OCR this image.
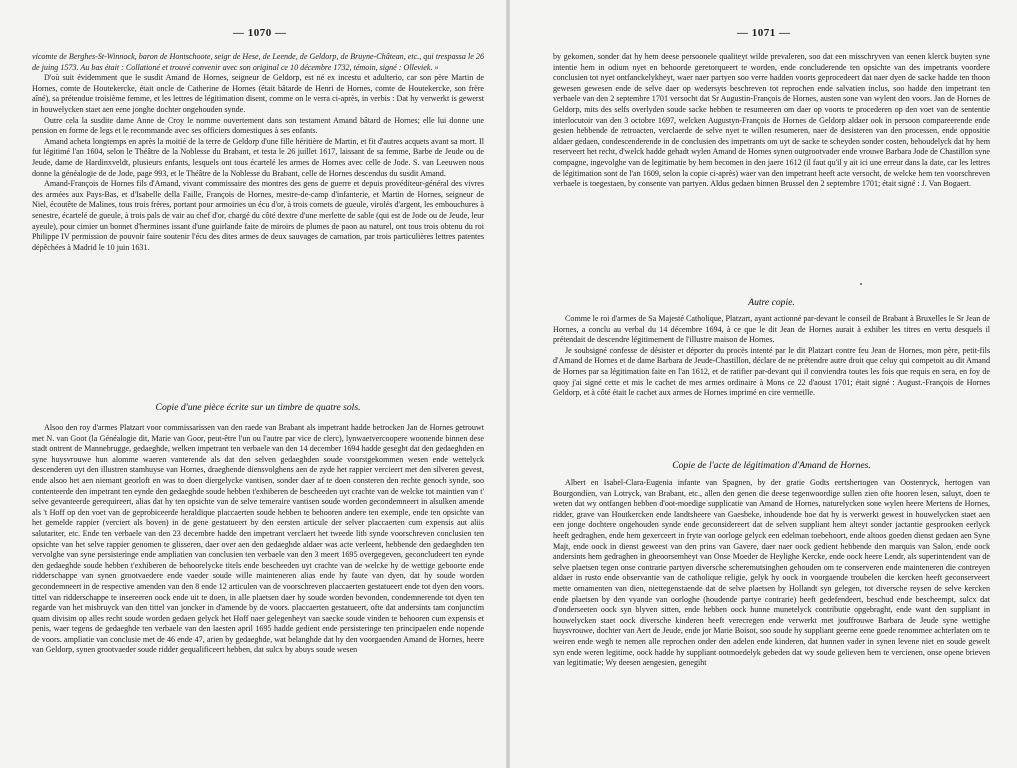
— 1070 —

vicomte de Berghes-St-Winnock, baron de Hontschoote, seigr de Hese, de Leende, de Geldorp, de Bruyne-Châtean, etc., qui trespassa le 26 de juing 1573. Au bas était : Collationé et trouvé convenir avec son original ce 10 décembre 1732, témoin, signé : Olleviek. »

D'où suit évidemment que le susdit Amand de Hornes, seigneur de Geldorp, est né ex incestu et adulterio, car son père Martin de Hornes, comte de Houtekercke, était oncle de Catherine de Hornes (était bâtarde de Henri de Hornes, comte de Houtekercke, son frère aîné), sa prétendue troisième femme, et les lettres de légitimation disent, comme on le verra ci-après, in verbis : Dat hy verwerkt is gewerst in houwelycken staet aen eene jonghe dochter ongehouden synde.

Outre cela la susdite dame Anne de Croy le nomme ouvertement dans son testament Amand bâtard de Hornes; elle lui donne une pension en forme de legs et le recommande avec ses officiers domestiques à ses enfants.

Amand acheta longtemps en après la moitié de la terre de Geldorp d'une fille héritière de Martin, et fit d'autres acquets avant sa mort. Il fut légitimé l'an 1604, selon le Théâtre de la Noblesse du Brabant, et testa le 26 juillet 1617, laissant de sa femme, Barbe de Jeude ou de Jeude, dame de Hardinxveldt, plusieurs enfants, lesquels ont tous écartelé les armes de Hornes avec celle de Jode. S. van Leeuwen nous donne la généalogie de de Jode, page 993, et le Théâtre de la Noblesse du Brabant, celle de Hornes descendus du susdit Amand.

Amand-François de Hornes fils d'Amand, vivant commissaire des montres des gens de guerre et depuis provéditeur-général des vivres des armées aux Pays-Bas, et d'Isabelle della Faille, François de Hornes, mestre-de-camp d'infanterie, et Martin de Hornes, seigneur de Niel, écoutête de Malines, tous trois frères, portant pour armoiries un écu d'or, à trois cornets de gueule, virolés d'argent, les embouchures à senestre, écartelé de gueule, à trois pals de vair au chef d'or, chargé du côté dextre d'une merlette de sable (qui est de Jode ou de Jeude, leur ayeule), pour cimier un bonnet d'hermines issant d'une guirlande faite de miroirs de plumes de paon au naturel, ont tous trois obtenu du roi Philippe IV permission de pouvoir faire soutenir l'écu des dites armes de deux sauvages de carnation, par trois particulières lettres patentes dépêchées à Madrid le 10 juin 1631.

Copie d'une pièce écrite sur un timbre de quatre sols.

Alsoo den roy d'armes Platzart voor commissarissen van den raede van Brabant als impetrant hadde betrocken Jan de Hornes getrouwt met N. van Goot (la Généalogie dit, Marie van Goor, peut-être l'un ou l'autre par vice de clerc), lynwaetvercoopere woonende binnen dese stadt ontrent de Mannebrugge, gedaeghde, welken impetrant ten verbaele van den 14 december 1694 hadde gesegbt dat den gedaeghden en syne huysvrouwe hun alomme waeren vanterende als dat den selven gedaeghden soude voorstgekommen wesen ende wettelyck descenderen uyt den illustren stamhuyse van Hornes, draeghende diensvolghens aen de zyde het rappier vercieert met den silveren gevest, ende alsoo het aen niemant georloft en was to doen diergelycke vantisen, sonder daer af te doen consteren den rechte genoch synde, soo contenteerde den impetrant ten eynde den gedaeghde soude hebben t'exhiberen de bescheeden uyt crachte van de welcke tot maintien van t' selve gevanteerde gerequireert, alias dat hy ten opsichte van de selve temeraire vantisen soude worden gecondemneert in alsulken amende als 't Hoff op den voet van de geprobiceerde heraldique placcaerten soude hebben te behooren andere ten exemple, ende ten opsichte van het gemelde rappier (verciert als boven) in de gene gestatueert by den eersten articule der selver placcaerten cum expensis aut aliis salutariter, etc. Ende ten verbaele van den 23 decembre hadde den impetrant verclaert het tweede lith synde voorschreven conclusien ten opsichte van het selve rappier genomen te glisseren, daer over aen den gedaeghde aldaer was acte verleent, hebbende den gedaeghden ten vervolghe van syne persisteringe ende ampliatien van conclusien ten verbaele van den 3 meert 1695 overgegeven, geconcludeert ten eynde den gedaeghde soude hebben t'exhiberen de behoorelycke titels ende bescheeden uyt crachte van de welcke hy de wettige geboorte ende ridderschappe van synen grootvaedere ende vaeder soude wille mainteneren alias ende hy faute van dyen, dat hy soude worden gecondemneert in de respective amenden van den 8 ende 12 articulen van de voorschreven placcaerten gestatueert ende tot dyen den voors. tittel van ridderschappe te insereeren oock ende uit te doen, in alle plaetsen daer hy soude worden bevonden, condemnerende tot dyen ten regarde van het misbruyck van den tittel van joncker in d'amende by de voors. placcaerten gestatueert, ofte dat andersints tam conjunctim quam divisim op alles recht soude worden gedaen gelyck het Hoff naer gelegenheyt van saecke soude vinden te behooren cum expensis et penis, waer tegens de gedaeghde ten verbaele van den laesten april 1695 hadde gedient ende persisteringe ten principaelen ende nopende de voors. ampliatie van conclusie met de 46 ende 47, arien by gedaeghde, wat belanghde dat hy den voorgaenden Amand de Hornes, heere van Geldorp, synen grootvaeder soude ridder gequalificeert hebben, dat sulcx by abuys soude wesen

— 1071 —

by gekomen, sonder dat hy hem deese persoonele qualiteyt wilde prevaleren, soo dat een misschryven van eenen klerck buyten syne intentie hem in odium nyet en behoorde geretorqueert te worden, ende concluderende ten opsichte van des impetrants voordere conclusien tot nyet ontfanckelykheyt, waer naer partyen soo verre hadden voorts geprocedeert dat naer dyen de sacke hadde ten thoon gewesen gewesen ende de selve daer op wedersyts beschreven tot reprochen ende salvatien inclus, soo hadde den impetrant ten verbaele van den 2 septembre 1701 versocht dat Sr Augustin-François de Hornes, austen sone van wylent den voors. Jan de Hornes de Geldorp, mits des selfs overlyden soude sacke hebben te resumeeren om daer op voorts te procederen op den voet van de sententie interlocutoir van den 3 octobre 1697, welcken Augustyn-François de Hornes de Geldorp aldaer ook in persoon compareerende ende gesien hebbende de retroacten, verclaerde de selve nyet te willen resumeren, naer de desisteren van den processen, ende oppositie aldaer gedaen, condescenderende in de conclusien des impetrants om uyt de sacke te scheyden sonder costen, behoudelyck dat hy hem reserveert het recht, d'welck hadde gehadt wylen Amand de Hornes synen outgrootvader ende vrouwe Barbara Jode de Chastillon syne compagne, ingevolghe van de legitimatie by hem becomen in den jaere 1612 (il faut qu'il y ait ici une erreur dans la date, car les lettres de légitimation sont de l'an 1609, selon la copie ci-après) waer van den impetrant heeft acte versocht, de welcke hem ten voorschreven verbaele is toegestaen, by consente van partyen. Aldus gedaen binnen Brussel den 2 septembre 1701; était signé : J. Van Bogaert.

Autre copie.

Comme le roi d'armes de Sa Majesté Catholique, Platzart, ayant actionné par-devant le conseil de Brabant à Bruxelles le Sr Jean de Hornes, a conclu au verbal du 14 décembre 1694, à ce que le dit Jean de Hornes aurait à exhiber les titres en vertu desquels il prétendait de descendre légitimement de l'illustre maison de Hornes.

Je soubsigné confesse de désister et déporter du procès intenté par le dit Platzart contre feu Jean de Hornes, mon père, petit-fils d'Amand de Hornes et de dame Barbara de Jeude-Chastillon, déclare de ne prétendre autre droit que celuy qui competoit au dit Amand de Hornes par sa légitimation faite en l'an 1612, et de ratifier par-devant qui il conviendra toutes les fois que requis en sera, en foy de quoy j'ai signé cette et mis le cachet de mes armes ordinaire à Mons ce 22 d'aoust 1701; était signé : August.-François de Hornes Geldorp, et à côté était le cachet aux armes de Hornes imprimé en cire vermeille.

Copie de l'acte de légitimation d'Amand de Hornes.

Albert en Isabel-Clara-Eugenia infante van Spagnen, by der gratie Godts eertshertogen van Oostenryck, hertogen van Bourgondien, van Lotryck, van Brabant, etc., allen den genen die deese tegenwoordige sullen zien ofte hooren lesen, saluyt, doen te weten dat wy ontfangen hebben d'oot-moedige supplicatie van Amand de Hornes, naturelycken sone wylen heere Mertens de Hornes, ridder, grave van Houtkercken ende landtsheere van Gaesbeke, inhoudende hoe dat hy is verwerkt gewest in houwelycken staet aen een jonge dochtere ongehouden synde ende geconsidereert dat de selven suppliant hem alteyt sonder jactantie gesprooken eerlyck heeft gedraghen, ende hem gexerceert in fryte van oorloge gelyck een edelman toebehoort, ende altoos goeden dienst gedaen aen Syne Majt, ende oock in dienst geweest van den prins van Gavere, daer naer oock gedient hebbende den marquis van Salon, ende oock andersints hem gedraghen in gheoorsemheyt van Onse Moeder de Heylighe Kercke, ende oock heere Lendr, als superintendent van de selve plaetsen tegen onse contrarie partyen diversche scheremutsinghen gehouden om te conserveren ende mainteneren die contreyen aldaer in rusto ende observantie van de catholique religie, gelyk hy oock in voorgaende troubelen die kercken heeft geconserveert mette ornamenten van dien, niettegenstaende dat de selve plaetsen by Hollandt syn gelegen, tot diversche reysen de selve kercken ende plaetsen by den vyande van oorloghe (houdende partye contrarie) heeft gedefendeert, beschud ende bescheempt, sulcx dat d'onderseeten oock syn blyven sitten, ende hebben oock hunne munetelyck contributie opgebraght, ende want den suppliant in houwelycken staet oock diversche kinderen heeft verecregen ende verwerkt met jouffrouwe Barbara de Jeude syne wettighe huysvrouwe, dochter van Aert de Jeude, ende jor Marie Boisot, soo soude hy suppliant geerne eene goede renommee achterlaten om te weiren ende wegh te nemen alle reprochen onder den adelen ende kinderen, dat hunnen vader in synen levene niet en soude gewelt syn ende weren legitime, oock hadde hy suppliant ootmoedelyk gebeden dat wy soude gelieven hem te vercienen, onse opene brieven van legitimatie; Wy deesen aengesien, genegiht
